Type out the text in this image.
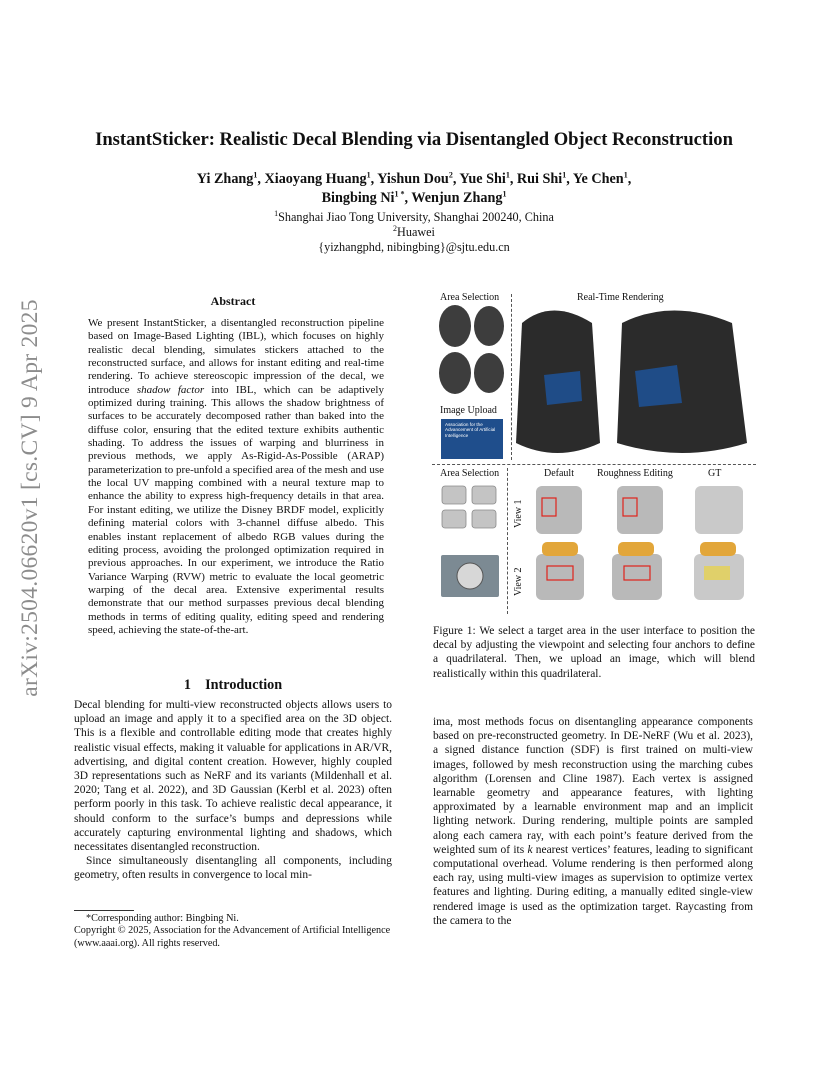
arXiv:2504.06620v1 [cs.CV] 9 Apr 2025
InstantSticker: Realistic Decal Blending via Disentangled Object Reconstruction
Yi Zhang$^1$, Xiaoyang Huang$^1$, Yishun Dou$^2$, Yue Shi$^1$, Rui Shi$^1$, Ye Chen$^1$,
Bingbing $Ni^{1 *}$, Wenjun Zhang$^1$
$^1$Shanghai Jiao Tong University, Shanghai 200240, China
$^2$Huawei
{yizhangphd, nibingbing}@sjtu.edu.cn
Abstract
We present InstantSticker, a disentangled reconstruction pipeline based on Image-Based Lighting (IBL), which focuses on highly realistic decal blending, simulates stickers attached to the reconstructed surface, and allows for instant editing and real-time rendering. To achieve stereoscopic impression of the decal, we introduce shadow factor into IBL, which can be adaptively optimized during training. This allows the shadow brightness of surfaces to be accurately decomposed rather than baked into the diffuse color, ensuring that the edited texture exhibits authentic shading. To address the issues of warping and blurriness in previous methods, we apply As-Rigid-As-Possible (ARAP) parameterization to pre-unfold a specified area of the mesh and use the local UV mapping combined with a neural texture map to enhance the ability to express high-frequency details in that area. For instant editing, we utilize the Disney BRDF model, explicitly defining material colors with 3-channel diffuse albedo. This enables instant replacement of albedo RGB values during the editing process, avoiding the prolonged optimization required in previous approaches. In our experiment, we introduce the Ratio Variance Warping (RVW) metric to evaluate the local geometric warping of the decal area. Extensive experimental results demonstrate that our method surpasses previous decal blending methods in terms of editing quality, editing speed and rendering speed, achieving the state-of-the-art.
1 Introduction

Decal blending for multi-view reconstructed objects allows users to upload an image and apply it to a specified area on the 3D object. This is a flexible and controllable editing mode that creates highly realistic visual effects, making it valuable for applications in AR/VR, advertising, and digital content creation. However, highly coupled 3D representations such as NeRF and its variants (Mildenhall et al. 2020; Tang et al. 2022), and 3D Gaussian (Kerbl et al. 2023) often perform poorly in this task. To achieve realistic decal appearance, it should conform to the surface’s bumps and depressions while accurately capturing environmental lighting and shadows, which necessitates disentangled reconstruction.

Since simultaneously disentangling all components, including geometry, often results in convergence to local min-

*Corresponding author: Bingbing Ni.
Copyright © 2025, Association for the Advancement of Artificial Intelligence (www.aaai.org). All rights reserved.
Area Selection	Real-Time Rendering
Image Upload
Association for the Advancement of Artificial Intelligence
Area Selection	Default Roughness Editing	GT
View 1
View 2
Figure 1: We select a target area in the user interface to position the decal by adjusting the viewpoint and selecting four anchors to define a quadrilateral. Then, we upload an image, which will blend realistically within this quadrilateral.
ima, most methods focus on disentangling appearance components based on pre-reconstructed geometry. In DE-NeRF (Wu et al. 2023), a signed distance function (SDF) is first trained on multi-view images, followed by mesh reconstruction using the marching cubes algorithm (Lorensen and Cline 1987). Each vertex is assigned learnable geometry and appearance features, with lighting approximated by a learnable environment map and an implicit lighting network. During rendering, multiple points are sampled along each camera ray, with each point’s feature derived from the weighted sum of its k nearest vertices’ features, leading to significant computational overhead. Volume rendering is then performed along each ray, using multi-view images as supervision to optimize vertex features and lighting. During editing, a manually edited single-view rendered image is used as the optimization target. Raycasting from the camera to the
